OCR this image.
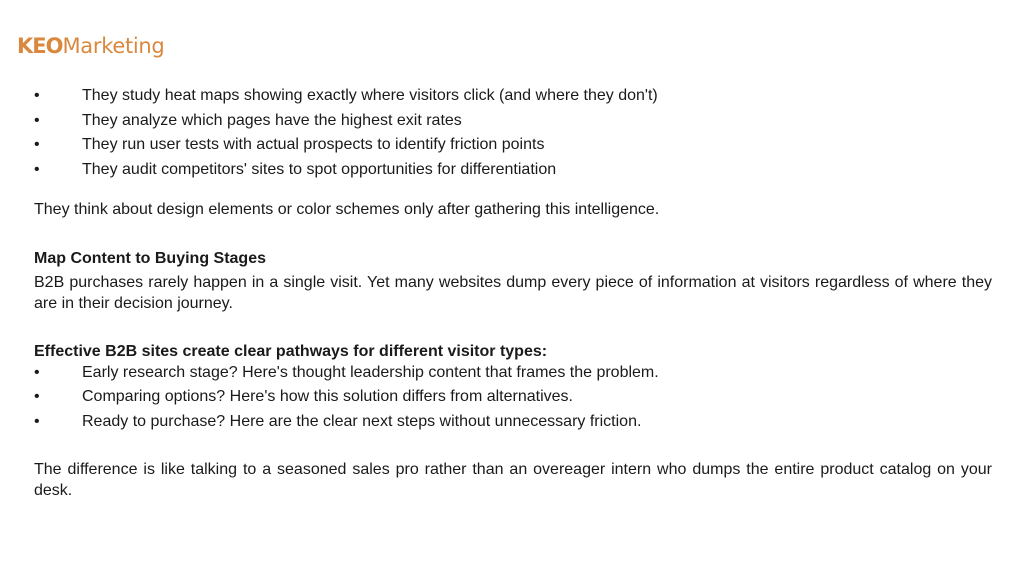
KEOMarketing
•	They study heat maps showing exactly where visitors click (and where they don't)
•	They analyze which pages have the highest exit rates
•	They run user tests with actual prospects to identify friction points
•	They audit competitors' sites to spot opportunities for differentiation

They think about design elements or color schemes only after gathering this intelligence.

Map Content to Buying Stages

B2B purchases rarely happen in a single visit. Yet many websites dump every piece of information at visitors regardless of where they are in their decision journey.

Effective B2B sites create clear pathways for different visitor types:

•	Early research stage? Here's thought leadership content that frames the problem.
•	Comparing options? Here's how this solution differs from alternatives.
•	Ready to purchase? Here are the clear next steps without unnecessary friction.

The difference is like talking to a seasoned sales pro rather than an overeager intern who dumps the entire product catalog on your desk.
